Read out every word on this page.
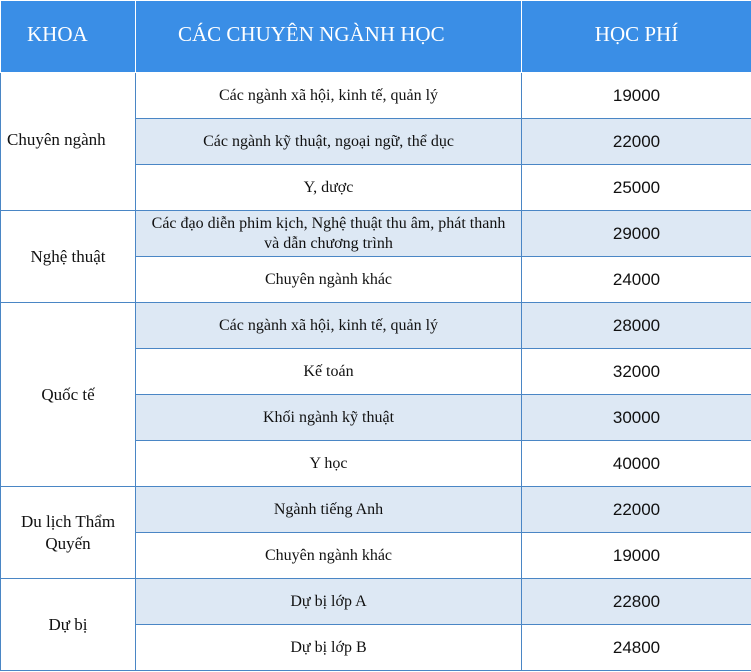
KHOA	CÁC CHUYÊN NGÀNH HỌC	HỌC PHÍ
Chuyên ngành	Các ngành xã hội, kinh tế, quản lý	19000
	Các ngành kỹ thuật, ngoại ngữ, thể dục	22000
	Y, dược	25000
Nghệ thuật	Các đạo diễn phim kịch, Nghệ thuật thu âm, phát thanh và dẫn chương trình	29000
	Chuyên ngành khác	24000
Quốc tế	Các ngành xã hội, kinh tế, quản lý	28000
	Kế toán	32000
	Khối ngành kỹ thuật	30000
	Y học	40000
Du lịch Thẩm Quyến	Ngành tiếng Anh	22000
	Chuyên ngành khác	19000
Dự bị	Dự bị lớp A	22800
	Dự bị lớp B	24800
